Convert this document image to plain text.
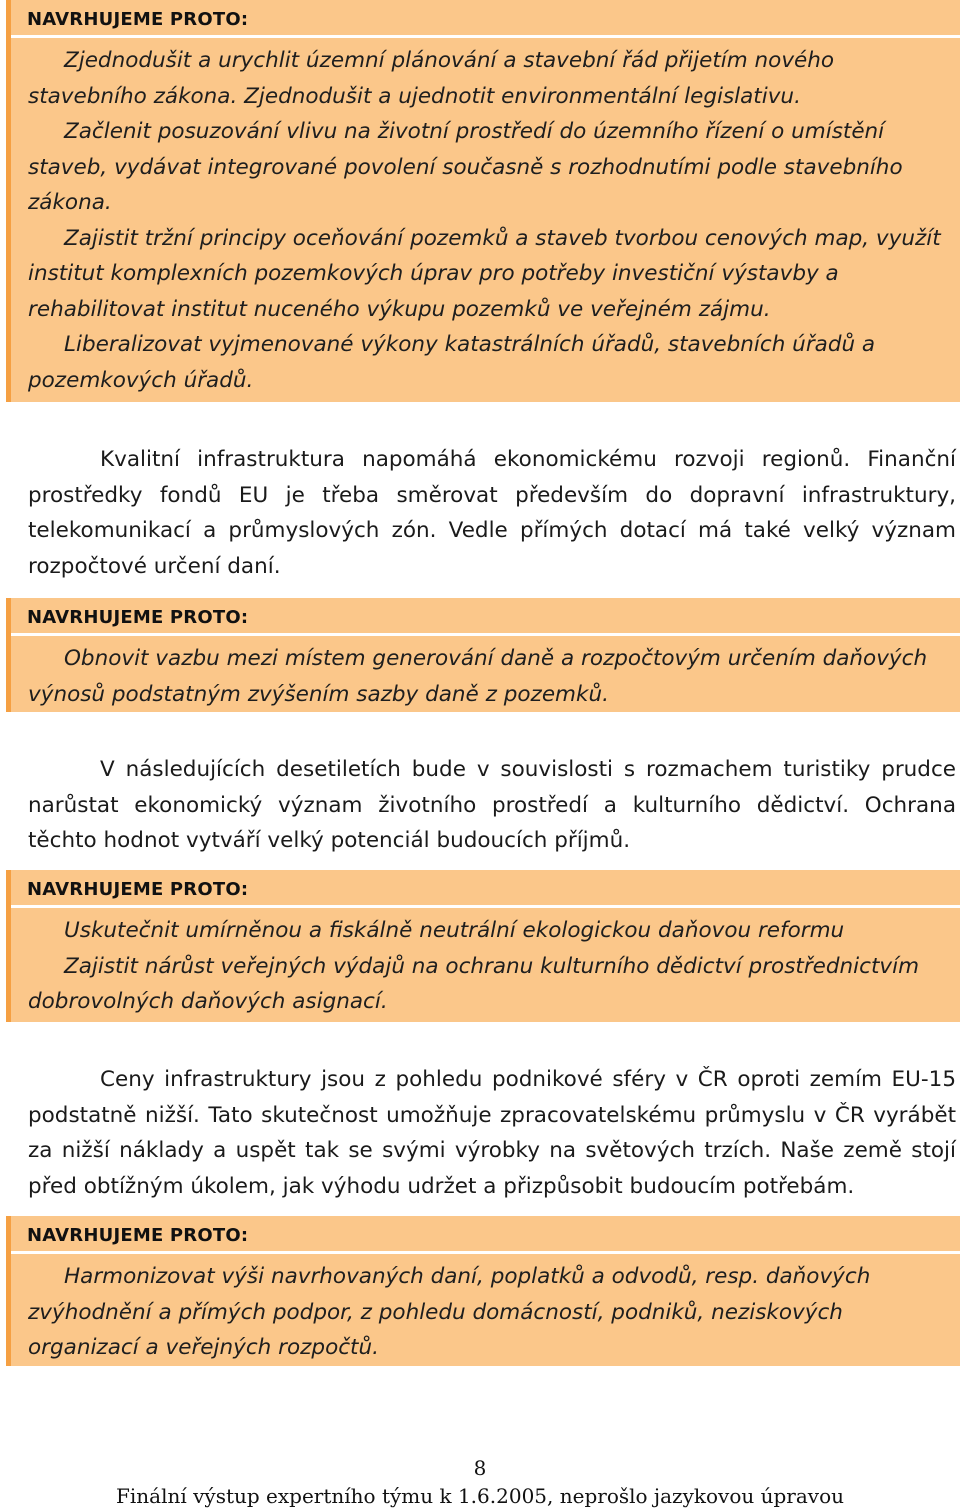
NAVRHUJEME PROTO:

Zjednodušit a urychlit územní plánování a stavební řád přijetím nového stavebního zákona. Zjednodušit a ujednotit environmentální legislativu.

Začlenit posuzování vlivu na životní prostředí do územního řízení o umístění staveb, vydávat integrované povolení současně s rozhodnutími podle stavebního zákona.

Zajistit tržní principy oceňování pozemků a staveb tvorbou cenových map, využít institut komplexních pozemkových úprav pro potřeby investiční výstavby a rehabilitovat institut nuceného výkupu pozemků ve veřejném zájmu.

Liberalizovat vyjmenované výkony katastrálních úřadů, stavebních úřadů a pozemkových úřadů.

Kvalitní infrastruktura napomáhá ekonomickému rozvoji regionů. Finanční prostředky fondů EU je třeba směrovat především do dopravní infrastruktury, telekomunikací a průmyslových zón. Vedle přímých dotací má také velký význam rozpočtové určení daní.

NAVRHUJEME PROTO:

Obnovit vazbu mezi místem generování daně a rozpočtovým určením daňových výnosů podstatným zvýšením sazby daně z pozemků.

V následujících desetiletích bude v souvislosti s rozmachem turistiky prudce narůstat ekonomický význam životního prostředí a kulturního dědictví. Ochrana těchto hodnot vytváří velký potenciál budoucích příjmů.

NAVRHUJEME PROTO:

Uskutečnit umírněnou a fiskálně neutrální ekologickou daňovou reformu

Zajistit nárůst veřejných výdajů na ochranu kulturního dědictví prostřednictvím dobrovolných daňových asignací.

Ceny infrastruktury jsou z pohledu podnikové sféry v ČR oproti zemím EU-15 podstatně nižší. Tato skutečnost umožňuje zpracovatelskému průmyslu v ČR vyrábět za nižší náklady a uspět tak se svými výrobky na světových trzích. Naše země stojí před obtížným úkolem, jak výhodu udržet a přizpůsobit budoucím potřebám.

NAVRHUJEME PROTO:

Harmonizovat výši navrhovaných daní, poplatků a odvodů, resp. daňových zvýhodnění a přímých podpor, z pohledu domácností, podniků, neziskových organizací a veřejných rozpočtů.

8
Finální výstup expertního týmu k 1.6.2005, neprošlo jazykovou úpravou
